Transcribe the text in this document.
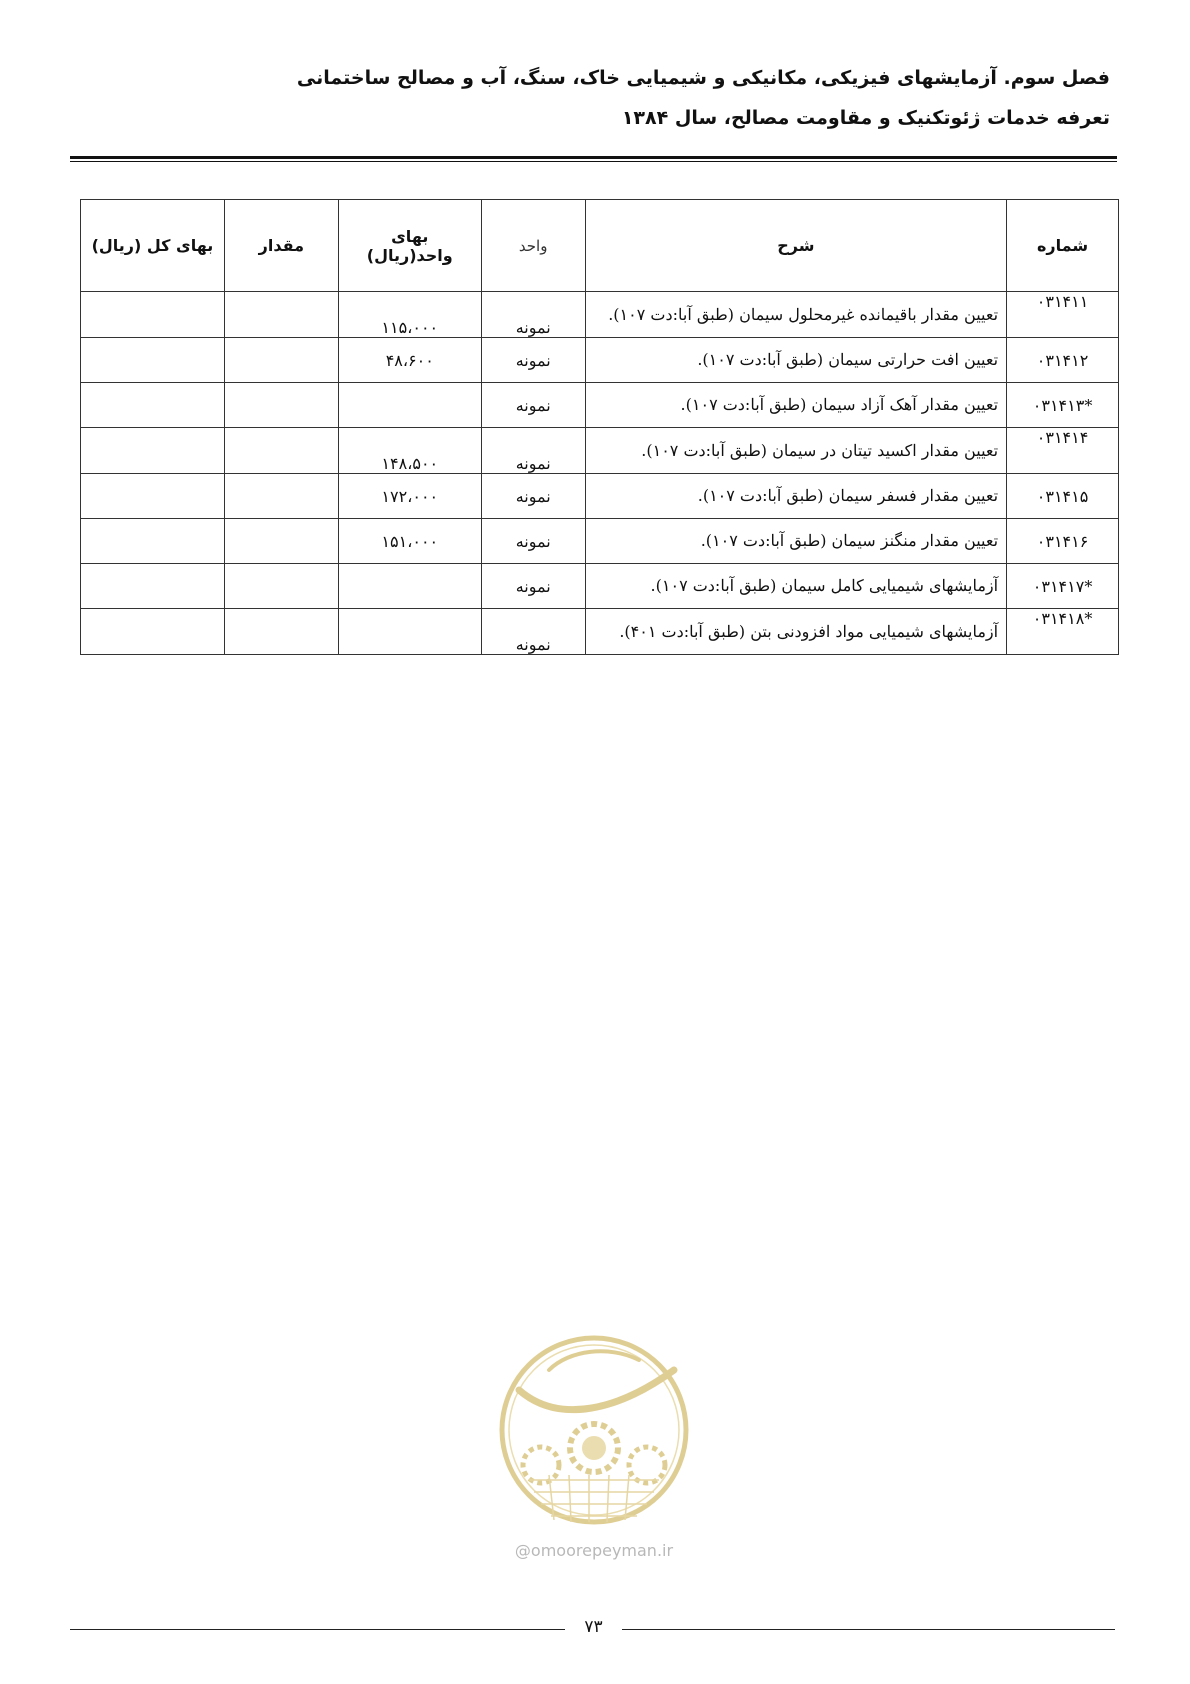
فصل سوم. آزمایشهای فیزیکی، مکانیکی و شیمیایی خاک، سنگ، آب و مصالح ساختمانی
تعرفه خدمات ژئوتکنیک و مقاومت مصالح، سال ۱۳۸۴
شماره	شرح	واحد	بهای واحد(ریال)	مقدار	بهای کل (ریال)
۰۳۱۴۱۱	تعیین مقدار باقیمانده غیرمحلول سیمان (طبق آبا:دت ۱۰۷).	نمونه	۱۱۵،۰۰۰		
۰۳۱۴۱۲	تعیین افت حرارتی سیمان (طبق آبا:دت ۱۰۷).	نمونه	۴۸،۶۰۰		
*۰۳۱۴۱۳	تعیین مقدار آهک آزاد سیمان (طبق آبا:دت ۱۰۷).	نمونه			
۰۳۱۴۱۴	تعیین مقدار اکسید تیتان در سیمان (طبق آبا:دت ۱۰۷).	نمونه	۱۴۸،۵۰۰		
۰۳۱۴۱۵	تعیین مقدار فسفر سیمان (طبق آبا:دت ۱۰۷).	نمونه	۱۷۲،۰۰۰		
۰۳۱۴۱۶	تعیین مقدار منگنز سیمان (طبق آبا:دت ۱۰۷).	نمونه	۱۵۱،۰۰۰		
*۰۳۱۴۱۷	آزمایشهای شیمیایی کامل سیمان (طبق آبا:دت ۱۰۷).	نمونه			
*۰۳۱۴۱۸	آزمایشهای شیمیایی مواد افزودنی بتن (طبق آبا:دت ۴۰۱).	نمونه			
@omoorepeyman.ir
۷۳
